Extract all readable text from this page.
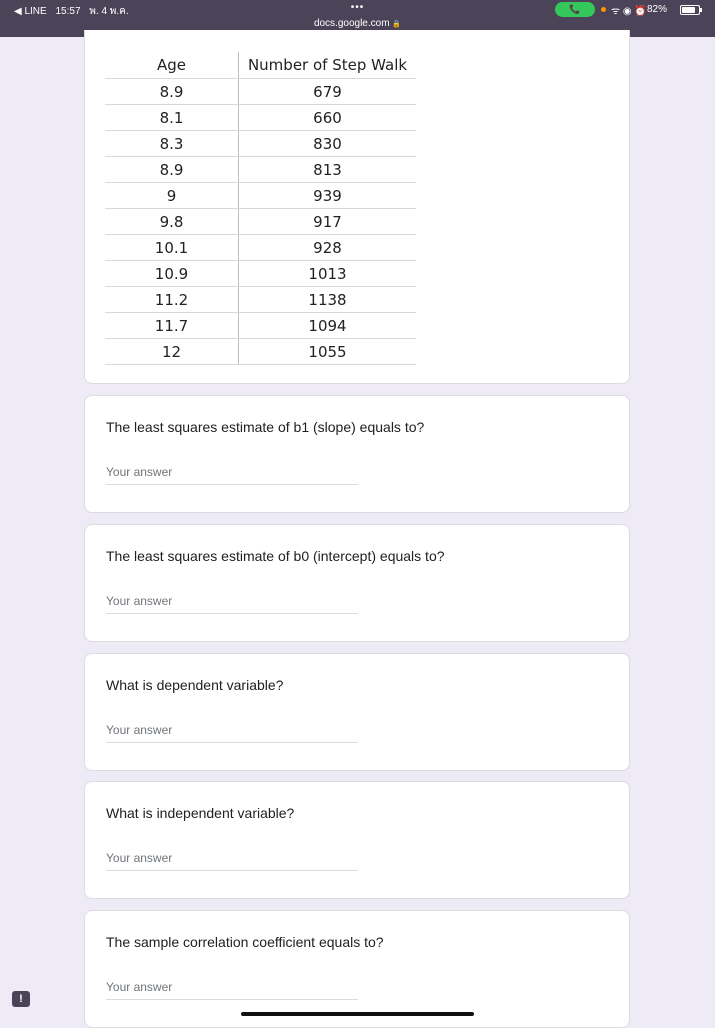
◀ LINE 15:57 พ. 4 พ.ค.	•••
docs.google.com 🔒
📞	ᯤ ◉ ⏰ 82%
Age	Number of Step Walk
8.9	679
8.1	660
8.3	830
8.9	813
9	939
9.8	917
10.1	928
10.9	1013
11.2	1138
11.7	1094
12	1055
The least squares estimate of b1 (slope) equals to?
Your answer
The least squares estimate of b0 (intercept) equals to?
Your answer
What is dependent variable?
Your answer
What is independent variable?
Your answer
The sample correlation coefficient equals to?
Your answer
!
